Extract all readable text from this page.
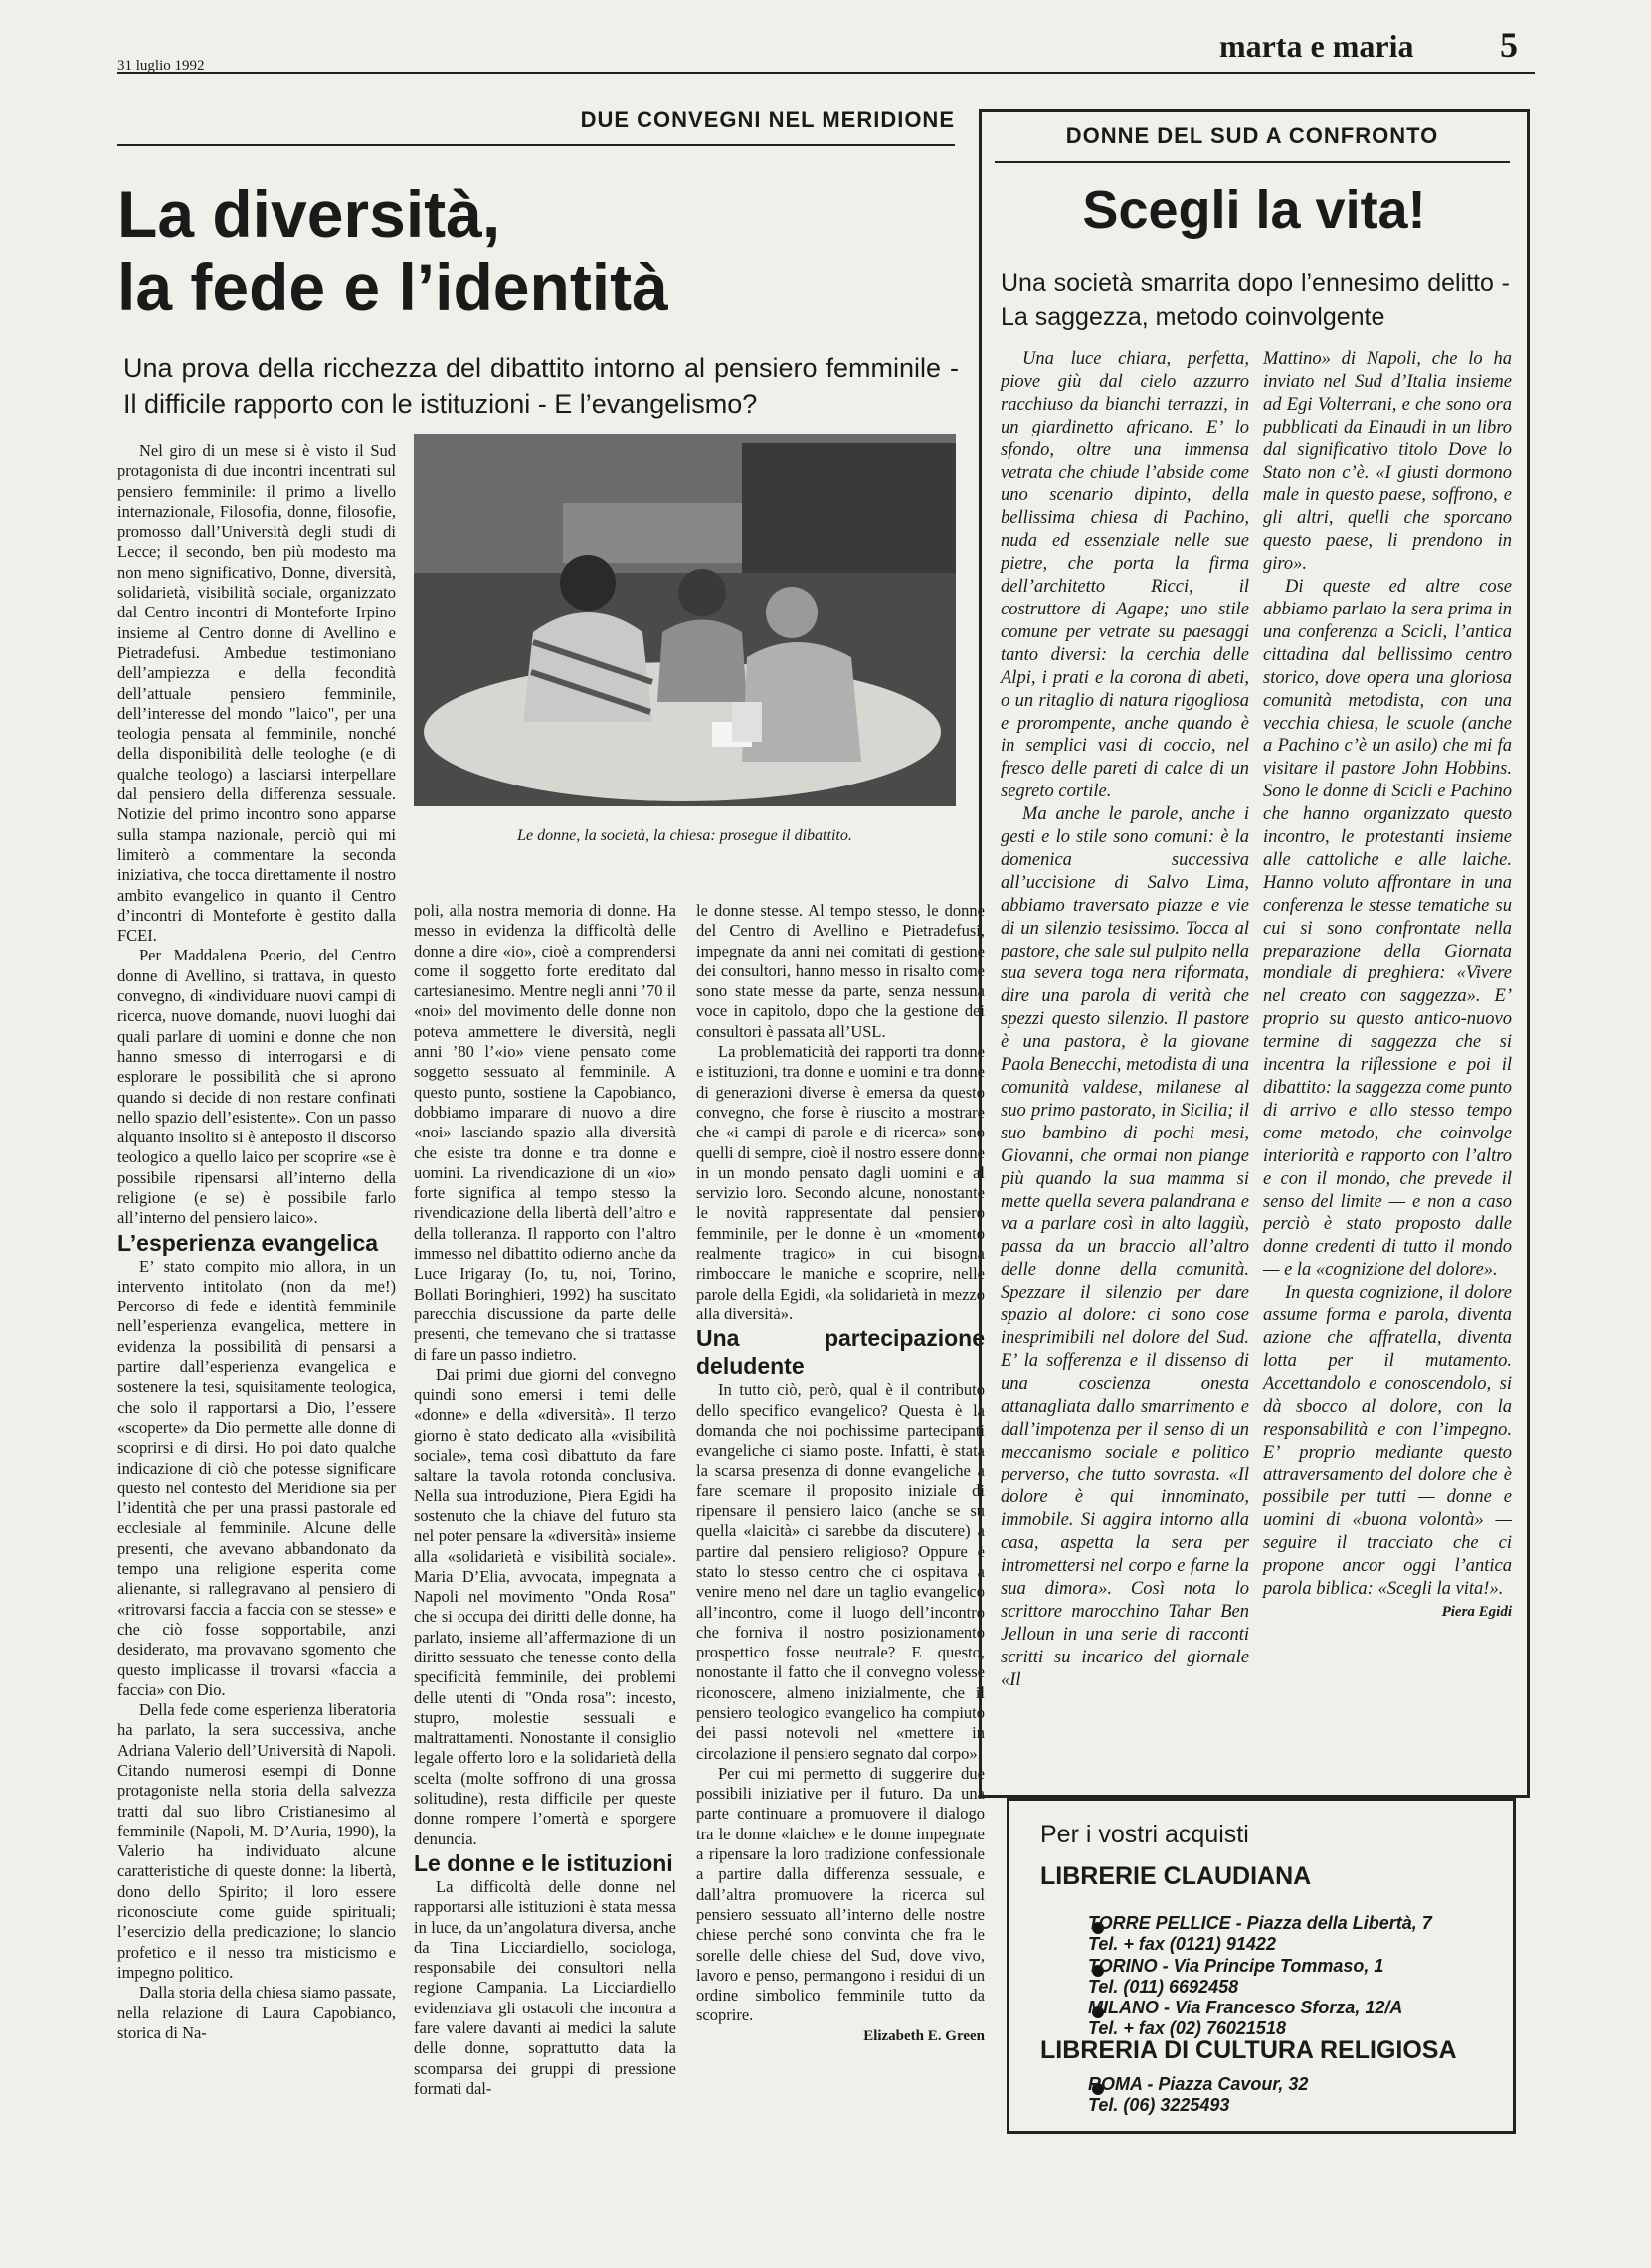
31 luglio 1992
marta e maria 5
DUE CONVEGNI NEL MERIDIONE
La diversità,
la fede e l’identità
Una prova della ricchezza del dibattito intorno al pensiero femminile - Il difficile rapporto con le istituzioni - E l’evangelismo?

Nel giro di un mese si è visto il Sud protagonista di due incontri incentrati sul pensiero femminile: il primo a livello internazionale, Filosofia, donne, filosofie, promosso dall’Università degli studi di Lecce; il secondo, ben più modesto ma non meno significativo, Donne, diversità, solidarietà, visibilità sociale, organizzato dal Centro incontri di Monteforte Irpino insieme al Centro donne di Avellino e Pietradefusi. Ambedue testimoniano dell’ampiezza e della fecondità dell’attuale pensiero femminile, dell’interesse del mondo "laico", per una teologia pensata al femminile, nonché della disponibilità delle teologhe (e di qualche teologo) a lasciarsi interpellare dal pensiero della differenza sessuale. Notizie del primo incontro sono apparse sulla stampa nazionale, perciò qui mi limiterò a commentare la seconda iniziativa, che tocca direttamente il nostro ambito evangelico in quanto il Centro d’incontri di Monteforte è gestito dalla FCEI.

Per Maddalena Poerio, del Centro donne di Avellino, si trattava, in questo convegno, di «individuare nuovi campi di ricerca, nuove domande, nuovi luoghi dai quali parlare di uomini e donne che non hanno smesso di interrogarsi e di esplorare le possibilità che si aprono quando si decide di non restare confinati nello spazio dell’esistente». Con un passo alquanto insolito si è anteposto il discorso teologico a quello laico per scoprire «se è possibile ripensarsi all’interno della religione (e se) è possibile farlo all’interno del pensiero laico».

L’esperienza evangelica

E’ stato compito mio allora, in un intervento intitolato (non da me!) Percorso di fede e identità femminile nell’esperienza evangelica, mettere in evidenza la possibilità di pensarsi a partire dall’esperienza evangelica e sostenere la tesi, squisitamente teologica, che solo il rapportarsi a Dio, l’essere «scoperte» da Dio permette alle donne di scoprirsi e di dirsi. Ho poi dato qualche indicazione di ciò che potesse significare questo nel contesto del Meridione sia per l’identità che per una prassi pastorale ed ecclesiale al femminile. Alcune delle presenti, che avevano abbandonato da tempo una religione esperita come alienante, si rallegravano al pensiero di «ritrovarsi faccia a faccia con se stesse» e che ciò fosse sopportabile, anzi desiderato, ma provavano sgomento che questo implicasse il trovarsi «faccia a faccia» con Dio.

Della fede come esperienza liberatoria ha parlato, la sera successiva, anche Adriana Valerio dell’Università di Napoli. Citando numerosi esempi di Donne protagoniste nella storia della salvezza tratti dal suo libro Cristianesimo al femminile (Napoli, M. D’Auria, 1990), la Valerio ha individuato alcune caratteristiche di queste donne: la libertà, dono dello Spirito; il loro essere riconosciute come guide spirituali; l’esercizio della predicazione; lo slancio profetico e il nesso tra misticismo e impegno politico.

Dalla storia della chiesa siamo passate, nella relazione di Laura Capobianco, storica di Na-

Le donne, la società, la chiesa: prosegue il dibattito.

poli, alla nostra memoria di donne. Ha messo in evidenza la difficoltà delle donne a dire «io», cioè a comprendersi come il soggetto forte ereditato dal cartesianesimo. Mentre negli anni ’70 il «noi» del movimento delle donne non poteva ammettere le diversità, negli anni ’80 l’«io» viene pensato come soggetto sessuato al femminile. A questo punto, sostiene la Capobianco, dobbiamo imparare di nuovo a dire «noi» lasciando spazio alla diversità che esiste tra donne e tra donne e uomini. La rivendicazione di un «io» forte significa al tempo stesso la rivendicazione della libertà dell’altro e della tolleranza. Il rapporto con l’altro immesso nel dibattito odierno anche da Luce Irigaray (Io, tu, noi, Torino, Bollati Boringhieri, 1992) ha suscitato parecchia discussione da parte delle presenti, che temevano che si trattasse di fare un passo indietro.

Dai primi due giorni del convegno quindi sono emersi i temi delle «donne» e della «diversità». Il terzo giorno è stato dedicato alla «visibilità sociale», tema così dibattuto da fare saltare la tavola rotonda conclusiva. Nella sua introduzione, Piera Egidi ha sostenuto che la chiave del futuro sta nel poter pensare la «diversità» insieme alla «solidarietà e visibilità sociale». Maria D’Elia, avvocata, impegnata a Napoli nel movimento "Onda Rosa" che si occupa dei diritti delle donne, ha parlato, insieme all’affermazione di un diritto sessuato che tenesse conto della specificità femminile, dei problemi delle utenti di "Onda rosa": incesto, stupro, molestie sessuali e maltrattamenti. Nonostante il consiglio legale offerto loro e la solidarietà della scelta (molte soffrono di una grossa solitudine), resta difficile per queste donne rompere l’omertà e sporgere denuncia.

Le donne e le istituzioni

La difficoltà delle donne nel rapportarsi alle istituzioni è stata messa in luce, da un’angolatura diversa, anche da Tina Licciardiello, sociologa, responsabile dei consultori nella regione Campania. La Licciardiello evidenziava gli ostacoli che incontra a fare valere davanti ai medici la salute delle donne, soprattutto data la scomparsa dei gruppi di pressione formati dal-

le donne stesse. Al tempo stesso, le donne del Centro di Avellino e Pietradefusi, impegnate da anni nei comitati di gestione dei consultori, hanno messo in risalto come sono state messe da parte, senza nessuna voce in capitolo, dopo che la gestione dei consultori è passata all’USL.

La problematicità dei rapporti tra donne e istituzioni, tra donne e uomini e tra donne di generazioni diverse è emersa da questo convegno, che forse è riuscito a mostrare che «i campi di parole e di ricerca» sono quelli di sempre, cioè il nostro essere donne in un mondo pensato dagli uomini e al servizio loro. Secondo alcune, nonostante le novità rappresentate dal pensiero femminile, per le donne è un «momento realmente tragico» in cui bisogna rimboccare le maniche e scoprire, nelle parole della Egidi, «la solidarietà in mezzo alla diversità».

Una partecipazione deludente

In tutto ciò, però, qual è il contributo dello specifico evangelico? Questa è la domanda che noi pochissime partecipanti evangeliche ci siamo poste. Infatti, è stata la scarsa presenza di donne evangeliche a fare scemare il proposito iniziale di ripensare il pensiero laico (anche se su quella «laicità» ci sarebbe da discutere) a partire dal pensiero religioso? Oppure è stato lo stesso centro che ci ospitava a venire meno nel dare un taglio evangelico all’incontro, come il luogo dell’incontro che forniva il nostro posizionamento prospettico fosse neutrale? E questo, nonostante il fatto che il convegno volesse riconoscere, almeno inizialmente, che il pensiero teologico evangelico ha compiuto dei passi notevoli nel «mettere in circolazione il pensiero segnato dal corpo».

Per cui mi permetto di suggerire due possibili iniziative per il futuro. Da una parte continuare a promuovere il dialogo tra le donne «laiche» e le donne impegnate a ripensare la loro tradizione confessionale a partire dalla differenza sessuale, e dall’altra promuovere la ricerca sul pensiero sessuato all’interno delle nostre chiese perché sono convinta che fra le sorelle delle chiese del Sud, dove vivo, lavoro e penso, permangono i residui di un ordine simbolico femminile tutto da scoprire.

Elizabeth E. Green

DONNE DEL SUD A CONFRONTO
Scegli la vita!
Una società smarrita dopo l’ennesimo delitto - La saggezza, metodo coinvolgente

Una luce chiara, perfetta, piove giù dal cielo azzurro racchiuso da bianchi terrazzi, in un giardinetto africano. E’ lo sfondo, oltre una immensa vetrata che chiude l’abside come uno scenario dipinto, della bellissima chiesa di Pachino, nuda ed essenziale nelle sue pietre, che porta la firma dell’architetto Ricci, il costruttore di Agape; uno stile comune per vetrate su paesaggi tanto diversi: la cerchia delle Alpi, i prati e la corona di abeti, o un ritaglio di natura rigogliosa e prorompente, anche quando è in semplici vasi di coccio, nel fresco delle pareti di calce di un segreto cortile.

Ma anche le parole, anche i gesti e lo stile sono comuni: è la domenica successiva all’uccisione di Salvo Lima, abbiamo traversato piazze e vie di un silenzio tesissimo. Tocca al pastore, che sale sul pulpito nella sua severa toga nera riformata, dire una parola di verità che spezzi questo silenzio. Il pastore è una pastora, è la giovane Paola Benecchi, metodista di una comunità valdese, milanese al suo primo pastorato, in Sicilia; il suo bambino di pochi mesi, Giovanni, che ormai non piange più quando la sua mamma si mette quella severa palandrana e va a parlare così in alto laggiù, passa da un braccio all’altro delle donne della comunità. Spezzare il silenzio per dare spazio al dolore: ci sono cose inesprimibili nel dolore del Sud. E’ la sofferenza e il dissenso di una coscienza onesta attanagliata dallo smarrimento e dall’impotenza per il senso di un meccanismo sociale e politico perverso, che tutto sovrasta. «Il dolore è qui innominato, immobile. Si aggira intorno alla casa, aspetta la sera per intromettersi nel corpo e farne la sua dimora». Così nota lo scrittore marocchino Tahar Ben Jelloun in una serie di racconti scritti su incarico del giornale «Il

Mattino» di Napoli, che lo ha inviato nel Sud d’Italia insieme ad Egi Volterrani, e che sono ora pubblicati da Einaudi in un libro dal significativo titolo Dove lo Stato non c’è. «I giusti dormono male in questo paese, soffrono, e gli altri, quelli che sporcano questo paese, li prendono in giro».

Di queste ed altre cose abbiamo parlato la sera prima in una conferenza a Scicli, l’antica cittadina dal bellissimo centro storico, dove opera una gloriosa comunità metodista, con una vecchia chiesa, le scuole (anche a Pachino c’è un asilo) che mi fa visitare il pastore John Hobbins. Sono le donne di Scicli e Pachino che hanno organizzato questo incontro, le protestanti insieme alle cattoliche e alle laiche. Hanno voluto affrontare in una conferenza le stesse tematiche su cui si sono confrontate nella preparazione della Giornata mondiale di preghiera: «Vivere nel creato con saggezza». E’ proprio su questo antico-nuovo termine di saggezza che si incentra la riflessione e poi il dibattito: la saggezza come punto di arrivo e allo stesso tempo come metodo, che coinvolge interiorità e rapporto con l’altro e con il mondo, che prevede il senso del limite — e non a caso perciò è stato proposto dalle donne credenti di tutto il mondo — e la «cognizione del dolore».

In questa cognizione, il dolore assume forma e parola, diventa azione che affratella, diventa lotta per il mutamento. Accettandolo e conoscendolo, si dà sbocco al dolore, con la responsabilità e con l’impegno. E’ proprio mediante questo attraversamento del dolore che è possibile per tutti — donne e uomini di «buona volontà» — seguire il tracciato che ci propone ancor oggi l’antica parola biblica: «Scegli la vita!».

Piera Egidi

Per i vostri acquisti
LIBRERIE CLAUDIANA
TORRE PELLICE - Piazza della Libertà, 7
Tel. + fax (0121) 91422
TORINO - Via Principe Tommaso, 1
Tel. (011) 6692458
MILANO - Via Francesco Sforza, 12/A
Tel. + fax (02) 76021518
LIBRERIA DI CULTURA RELIGIOSA
ROMA - Piazza Cavour, 32
Tel. (06) 3225493
